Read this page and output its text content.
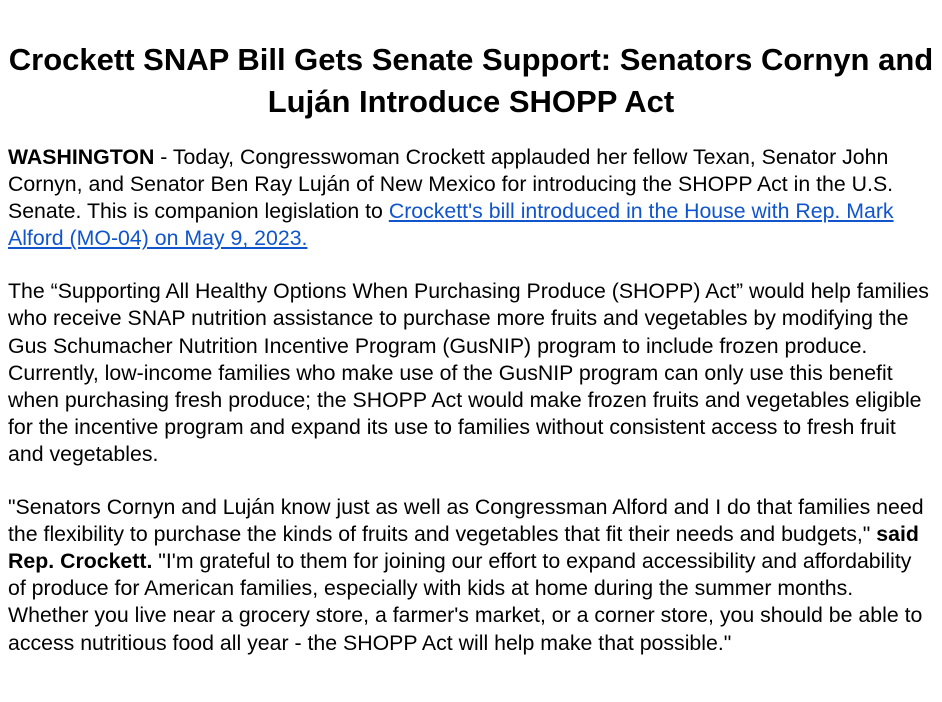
Crockett SNAP Bill Gets Senate Support: Senators Cornyn and Luján Introduce SHOPP Act

WASHINGTON - Today, Congresswoman Crockett applauded her fellow Texan, Senator John Cornyn, and Senator Ben Ray Luján of New Mexico for introducing the SHOPP Act in the U.S. Senate. This is companion legislation to Crockett's bill introduced in the House with Rep. Mark Alford (MO-04) on May 9, 2023.

The “Supporting All Healthy Options When Purchasing Produce (SHOPP) Act” would help families who receive SNAP nutrition assistance to purchase more fruits and vegetables by modifying the Gus Schumacher Nutrition Incentive Program (GusNIP) program to include frozen produce. Currently, low-income families who make use of the GusNIP program can only use this benefit when purchasing fresh produce; the SHOPP Act would make frozen fruits and vegetables eligible for the incentive program and expand its use to families without consistent access to fresh fruit and vegetables.

"Senators Cornyn and Luján know just as well as Congressman Alford and I do that families need the flexibility to purchase the kinds of fruits and vegetables that fit their needs and budgets," said Rep. Crockett. "I'm grateful to them for joining our effort to expand accessibility and affordability of produce for American families, especially with kids at home during the summer months. Whether you live near a grocery store, a farmer's market, or a corner store, you should be able to access nutritious food all year - the SHOPP Act will help make that possible."
